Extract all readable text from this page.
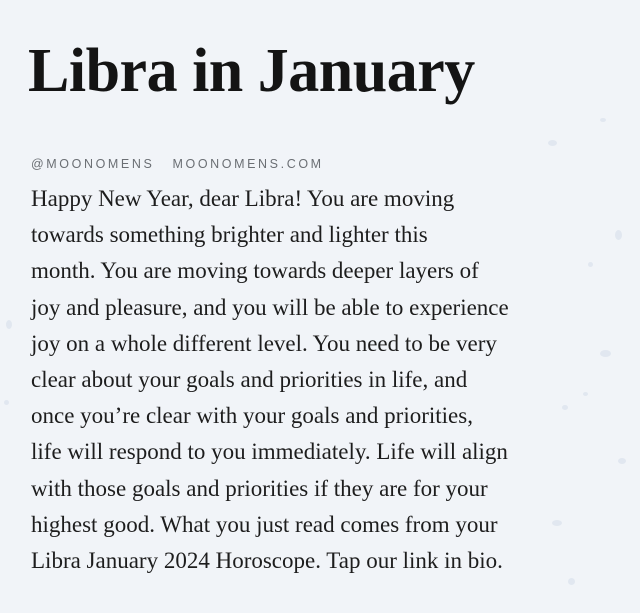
Libra in January
@MOONOMENS MOONOMENS.COM
Happy New Year, dear Libra! You are moving
towards something brighter and lighter this
month. You are moving towards deeper layers of
joy and pleasure, and you will be able to experience
joy on a whole different level. You need to be very
clear about your goals and priorities in life, and
once you’re clear with your goals and priorities,
life will respond to you immediately. Life will align
with those goals and priorities if they are for your
highest good. What you just read comes from your
Libra January 2024 Horoscope. Tap our link in bio.
